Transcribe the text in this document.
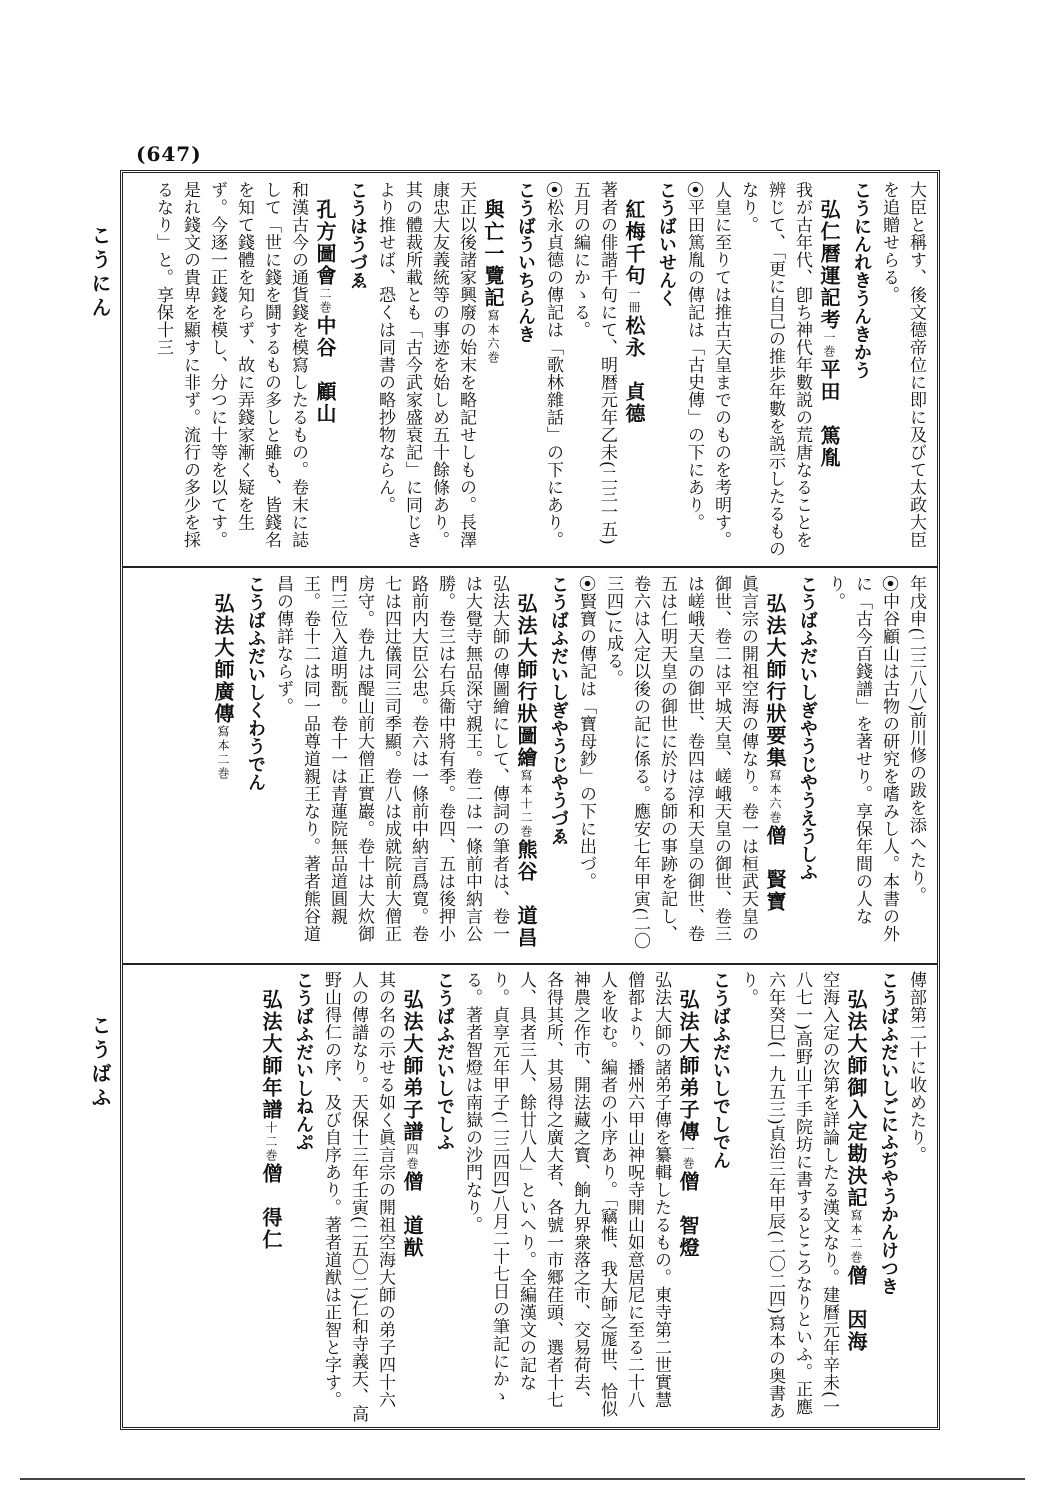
(647)
こうにん
こうばふ

大臣と稱す、後文德帝位に即に及びて太政大臣を追贈せらる。

こうにんれきうんきかう

弘仁曆運記考一巻平田　篤胤

我が古年代、卽ち神代年數説の荒唐なることを辨じて、「更に自己の推歩年數を説示したるものなり。

人皇に至りては推古天皇までのものを考明す。

⦿平田篤胤の傳記は「古史傳」の下にあり。

こうばいせんく

紅梅千句一冊松永　貞德

著者の俳諧千句にて、明暦元年乙未(二三一五)五月の編にかゝる。

⦿松永貞德の傳記は「歌林雜話」の下にあり。

こうばういちらんき

與亡一覽記寫本六巻

天正以後諸家興廢の始末を略記せしもの。長澤康忠大友義統等の事迹を始しめ五十餘條あり。其の體裁所載とも「古今武家盛衰記」に同じきより推せば、恐くは同書の略抄物ならん。

こうはうづゑ

孔方圖會二巻中谷　顧山

和漢古今の通貨錢を模寫したるもの。卷末に誌して「世に錢を鬪するもの多しと雖も、皆錢名を知て錢體を知らず、故に弄錢家漸く疑を生ず。今逐一正錢を模し、分つに十等を以てす。是れ錢文の貴卑を顯すに非ず。流行の多少を採るなり」と。享保十三

年戊申(二三八八)前川修の跋を添へたり。

⦿中谷顧山は古物の研究を嗜みし人。本書の外に「古今百錢譜」を著せり。享保年間の人なり。

こうばふだいしぎやうじやうえうしふ

弘法大師行狀要集寫本六巻僧　賢寶

眞言宗の開祖空海の傳なり。卷一は桓武天皇の御世、卷二は平城天皇、嵯峨天皇の御世、卷三は嵯峨天皇の御世、卷四は淳和天皇の御世、卷五は仁明天皇の御世に於ける師の事跡を記し、卷六は入定以後の記に係る。應安七年甲寅(二〇三四)に成る。

⦿賢寶の傳記は「寶母鈔」の下に出づ。

こうばふだいしぎやうじやうづゑ

弘法大師行狀圖繪寫本十二巻熊谷　道昌

弘法大師の傳圖繪にして、傳詞の筆者は、卷一は大覺寺無品深守親王。卷二は一條前中納言公勝。卷三は右兵衞中將有季。卷四、五は後押小路前内大臣公忠。卷六は一條前中納言爲寛。卷七は四辻儀同三司季顯。卷八は成就院前大僧正房守。卷九は醍山前大僧正實巖。卷十は大炊御門三位入道明翫。卷十一は青蓮院無品道圓親王。卷十二は同一品尊道親王なり。著者熊谷道昌の傳詳ならず。

こうばふだいしくわうでん

弘法大師廣傳寫本二巻

傳部第二十に收めたり。

こうばふだいしごにふぢやうかんけつき

弘法大師御入定勘決記寫本二巻僧　因海

空海入定の次第を詳論したる漢文なり。建曆元年辛未(一八七一)高野山千手院坊に書するところなりといふ。正應六年癸巳(一九五三)貞治三年甲辰(二〇二四)寫本の奥書あり。

こうばふだいしでしでん

弘法大師弟子傳一巻僧　智燈

弘法大師の諸弟子傳を纂輯したるもの。東寺第二世實慧僧都より、播州六甲山神呪寺開山如意居尼に至る二十八人を收む。編者の小序あり。「竊惟、我大師之厖世、恰似神農之作市、開法藏之寳、餉九界衆落之市、交易荷去、各得其所、其易得之廣大者、各號一市郷荏頭、選者十七人、具者三人、餘廿八人」といへり。全編漢文の記なり。貞享元年甲子(二三四四)八月二十七日の筆記にかゝる。著者智燈は南嶽の沙門なり。

こうばふだいしでしふ

弘法大師弟子譜四巻僧　道猷

其の名の示せる如く眞言宗の開祖空海大師の弟子四十六人の傳譜なり。天保十三年壬寅(二五〇二)仁和寺義天、高野山得仁の序、及び自序あり。著者道猷は正智と字す。

こうばふだいしねんぷ

弘法大師年譜十二巻僧　得仁
